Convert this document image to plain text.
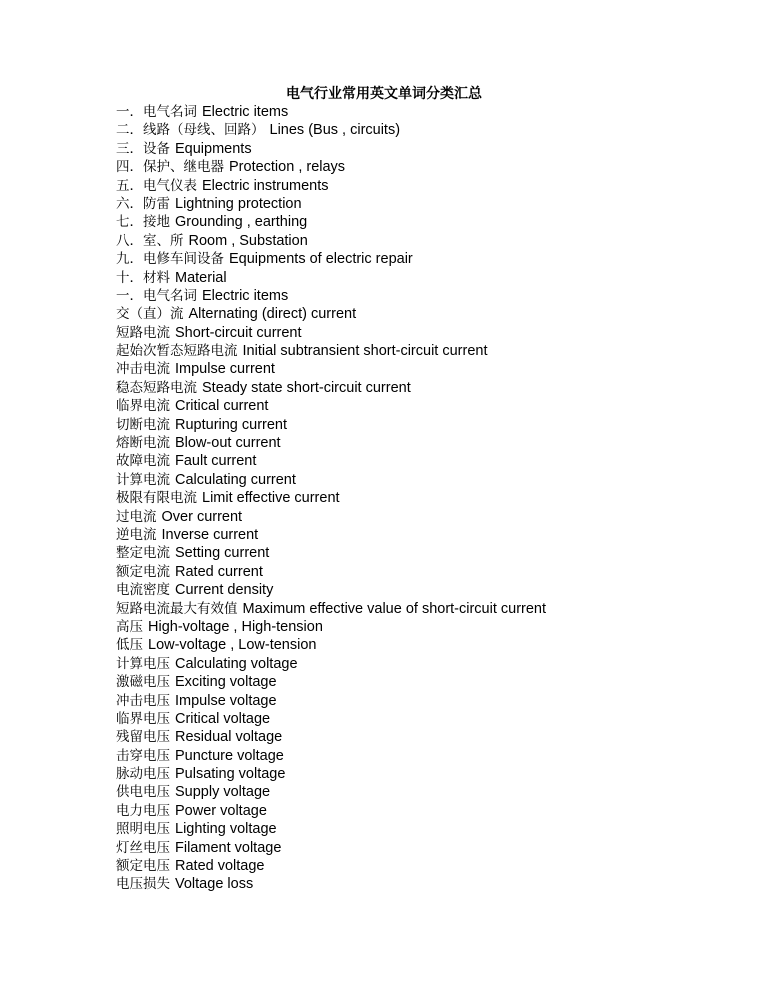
电气行业常用英文单词分类汇总
一．电气名词 Electric items
二．线路（母线、回路） Lines (Bus , circuits)
三．设备 Equipments
四．保护、继电器 Protection , relays
五．电气仪表 Electric instruments
六．防雷 Lightning protection
七．接地 Grounding , earthing
八．室、所 Room , Substation
九．电修车间设备 Equipments of electric repair
十．材料 Material
一．电气名词 Electric items
交（直）流 Alternating (direct) current
短路电流 Short-circuit current
起始次暂态短路电流 Initial subtransient short-circuit current
冲击电流 Impulse current
稳态短路电流 Steady state short-circuit current
临界电流 Critical current
切断电流 Rupturing current
熔断电流 Blow-out current
故障电流 Fault current
计算电流 Calculating current
极限有限电流 Limit effective current
过电流 Over current
逆电流 Inverse current
整定电流 Setting current
额定电流 Rated current
电流密度 Current density
短路电流最大有效值 Maximum effective value of short-circuit current
高压 High-voltage , High-tension
低压 Low-voltage , Low-tension
计算电压 Calculating voltage
激磁电压 Exciting voltage
冲击电压 Impulse voltage
临界电压 Critical voltage
残留电压 Residual voltage
击穿电压 Puncture voltage
脉动电压 Pulsating voltage
供电电压 Supply voltage
电力电压 Power voltage
照明电压 Lighting voltage
灯丝电压 Filament voltage
额定电压 Rated voltage
电压损失 Voltage loss
